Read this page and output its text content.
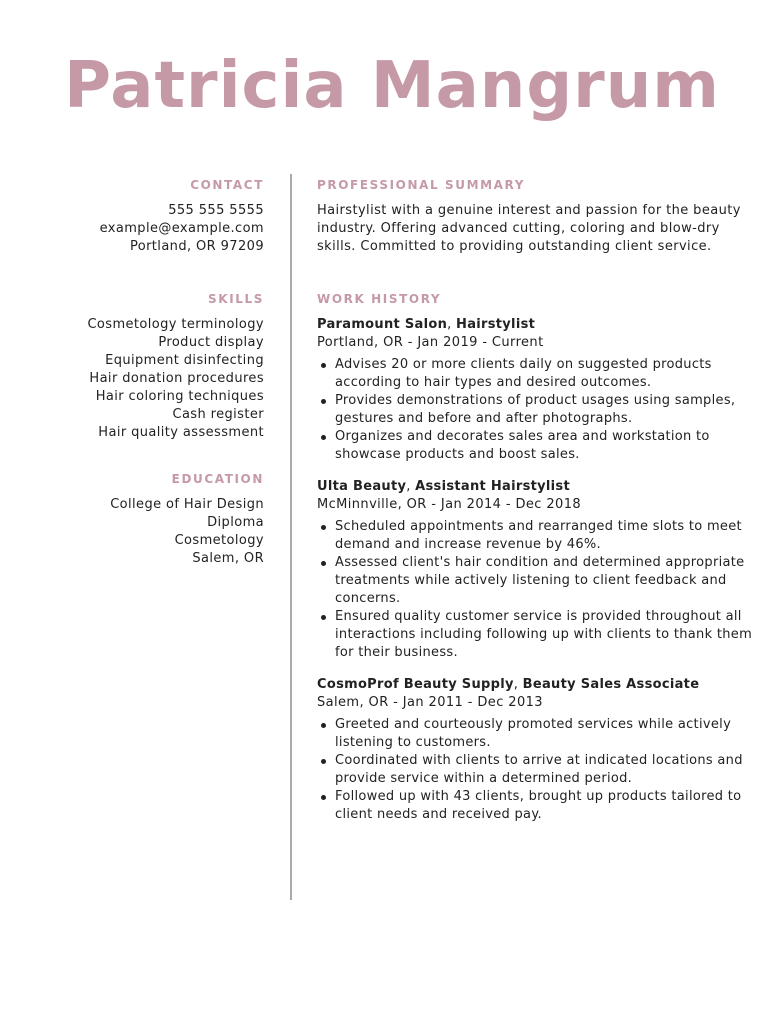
Patricia Mangrum
CONTACT
555 555 5555
example@example.com
Portland, OR 97209
SKILLS
Cosmetology terminology
Product display
Equipment disinfecting
Hair donation procedures
Hair coloring techniques
Cash register
Hair quality assessment
EDUCATION
College of Hair Design
Diploma
Cosmetology
Salem, OR
PROFESSIONAL SUMMARY
Hairstylist with a genuine interest and passion for the beauty
industry. Offering advanced cutting, coloring and blow-dry
skills. Committed to providing outstanding client service.
WORK HISTORY
Paramount Salon, Hairstylist
Portland, OR - Jan 2019 - Current
Advises 20 or more clients daily on suggested products according to hair types and desired outcomes.
Provides demonstrations of product usages using samples, gestures and before and after photographs.
Organizes and decorates sales area and workstation to showcase products and boost sales.
Ulta Beauty, Assistant Hairstylist
McMinnville, OR - Jan 2014 - Dec 2018
Scheduled appointments and rearranged time slots to meet demand and increase revenue by 46%.
Assessed client's hair condition and determined appropriate treatments while actively listening to client feedback and concerns.
Ensured quality customer service is provided throughout all interactions including following up with clients to thank them for their business.
CosmoProf Beauty Supply, Beauty Sales Associate
Salem, OR - Jan 2011 - Dec 2013
Greeted and courteously promoted services while actively listening to customers.
Coordinated with clients to arrive at indicated locations and provide service within a determined period.
Followed up with 43 clients, brought up products tailored to client needs and received pay.
